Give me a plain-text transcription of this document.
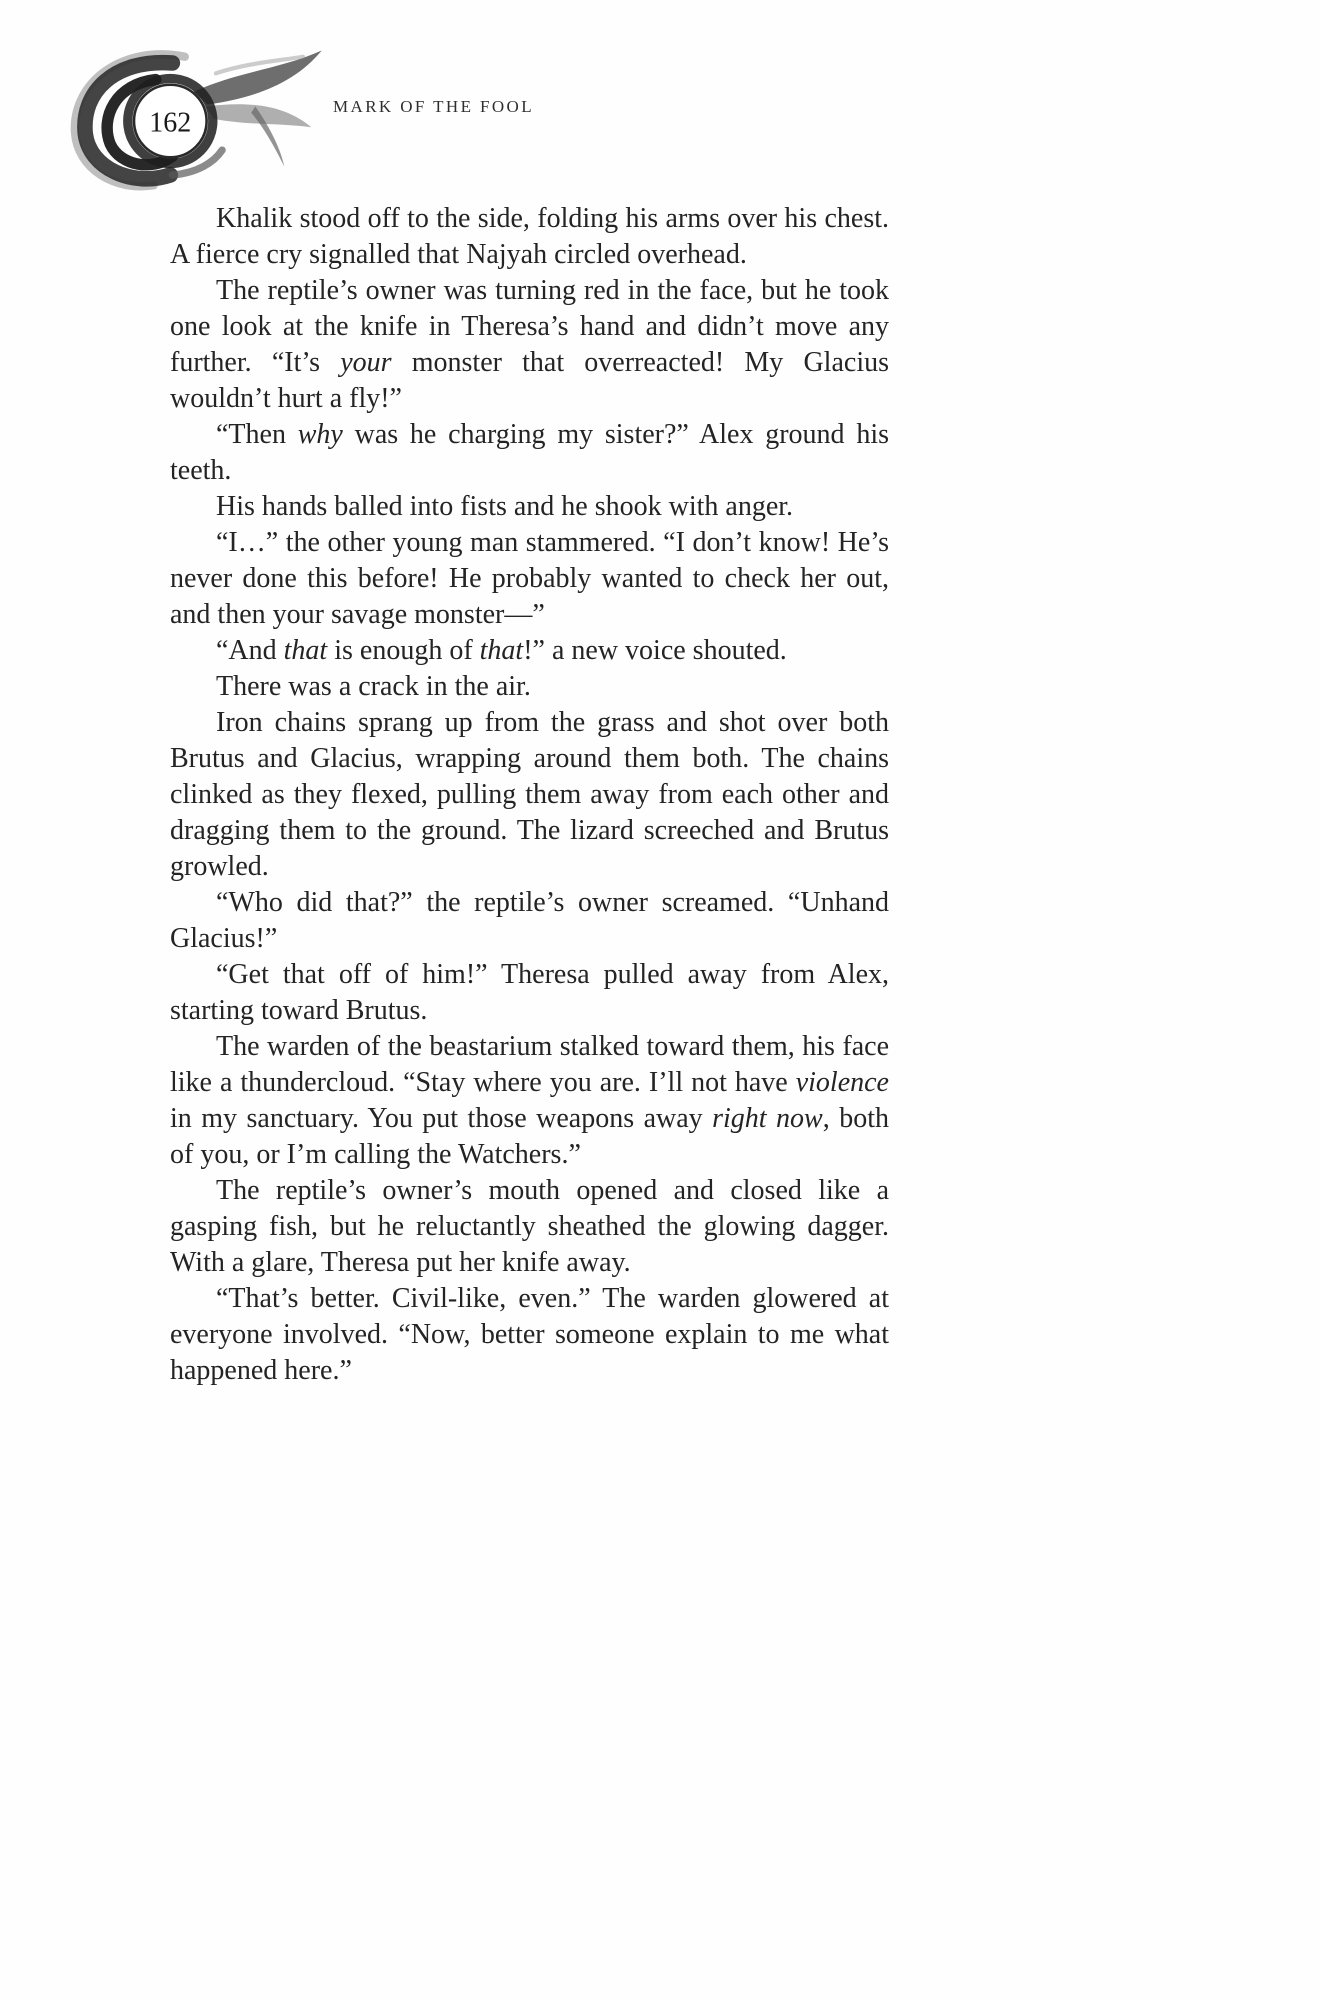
162
MARK OF THE FOOL

Khalik stood off to the side, folding his arms over his chest. A fierce cry signalled that Najyah circled overhead.

The reptile’s owner was turning red in the face, but he took one look at the knife in Theresa’s hand and didn’t move any further. “It’s your monster that overreacted! My Glacius wouldn’t hurt a fly!”

“Then why was he charging my sister?” Alex ground his teeth.

His hands balled into fists and he shook with anger.

“I…” the other young man stammered. “I don’t know! He’s never done this before! He probably wanted to check her out, and then your savage monster—”

“And that is enough of that!” a new voice shouted.

There was a crack in the air.

Iron chains sprang up from the grass and shot over both Brutus and Glacius, wrapping around them both. The chains clinked as they flexed, pulling them away from each other and dragging them to the ground. The lizard screeched and Brutus growled.

“Who did that?” the reptile’s owner screamed. “Unhand Glacius!”

“Get that off of him!” Theresa pulled away from Alex, starting toward Brutus.

The warden of the beastarium stalked toward them, his face like a thundercloud. “Stay where you are. I’ll not have violence in my sanctuary. You put those weapons away right now, both of you, or I’m calling the Watchers.”

The reptile’s owner’s mouth opened and closed like a gasping fish, but he reluctantly sheathed the glowing dagger. With a glare, Theresa put her knife away.

“That’s better. Civil-like, even.” The warden glowered at everyone involved. “Now, better someone explain to me what happened here.”
